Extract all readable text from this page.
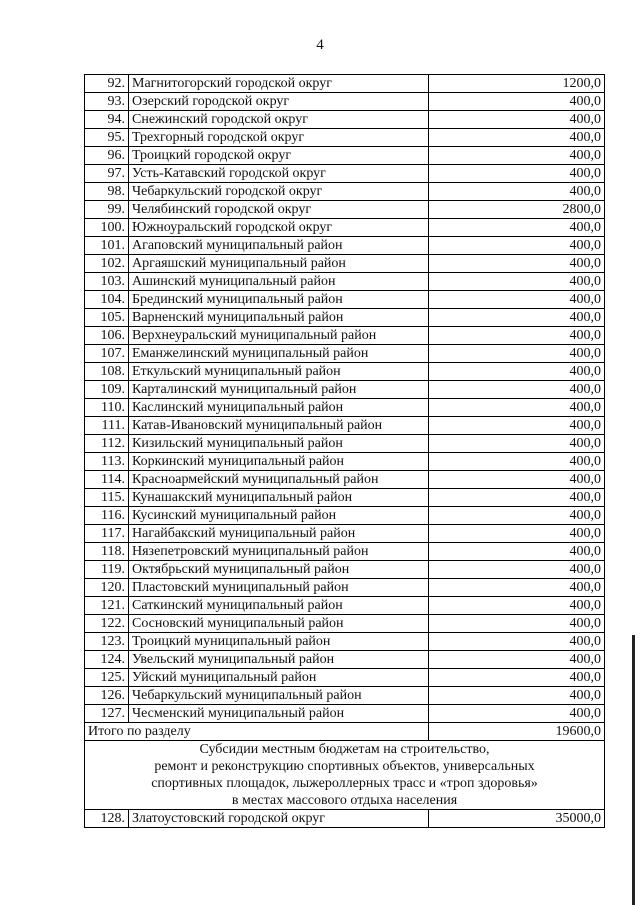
4
92.	Магнитогорский городской округ	1200,0
93.	Озерский городской округ	400,0
94.	Снежинский городской округ	400,0
95.	Трехгорный городской округ	400,0
96.	Троицкий городской округ	400,0
97.	Усть-Катавский городской округ	400,0
98.	Чебаркульский городской округ	400,0
99.	Челябинский городской округ	2800,0
100.	Южноуральский городской округ	400,0
101.	Агаповский муниципальный район	400,0
102.	Аргаяшский муниципальный район	400,0
103.	Ашинский муниципальный район	400,0
104.	Брединский муниципальный район	400,0
105.	Варненский муниципальный район	400,0
106.	Верхнеуральский муниципальный район	400,0
107.	Еманжелинский муниципальный район	400,0
108.	Еткульский муниципальный район	400,0
109.	Карталинский муниципальный район	400,0
110.	Каслинский муниципальный район	400,0
111.	Катав-Ивановский муниципальный район	400,0
112.	Кизильский муниципальный район	400,0
113.	Коркинский муниципальный район	400,0
114.	Красноармейский муниципальный район	400,0
115.	Кунашакский муниципальный район	400,0
116.	Кусинский муниципальный район	400,0
117.	Нагайбакский муниципальный район	400,0
118.	Нязепетровский муниципальный район	400,0
119.	Октябрьский муниципальный район	400,0
120.	Пластовский муниципальный район	400,0
121.	Саткинский муниципальный район	400,0
122.	Сосновский муниципальный район	400,0
123.	Троицкий муниципальный район	400,0
124.	Увельский муниципальный район	400,0
125.	Уйский муниципальный район	400,0
126.	Чебаркульский муниципальный район	400,0
127.	Чесменский муниципальный район	400,0
Итого по разделу		19600,0

Субсидии местным бюджетам на строительство,
ремонт и реконструкцию спортивных объектов, универсальных
спортивных площадок, лыжероллерных трасс и «троп здоровья»
в местах массового отдыха населения		

128.	Златоустовский городской округ	35000,0
